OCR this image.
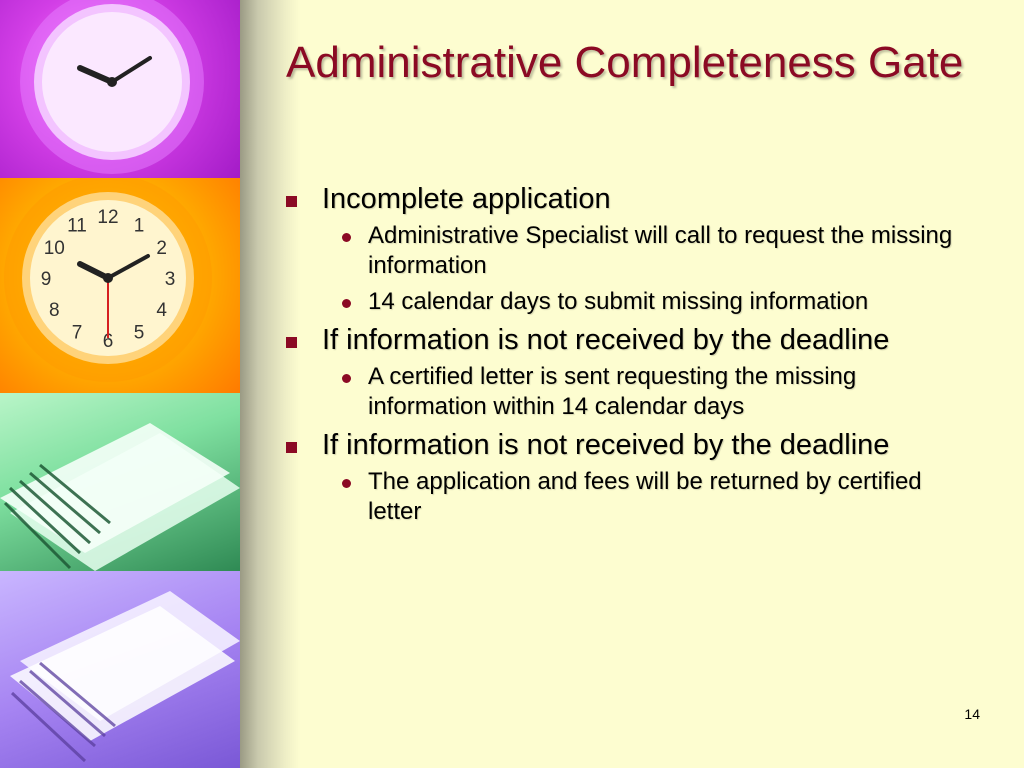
12 1
2
3
4
5
6
7
8
9
10
11
Administrative Completeness Gate
Incomplete application
Administrative Specialist will call to request the missing information
14 calendar days to submit missing information
If information is not received by the deadline
A certified letter is sent requesting the missing information within 14 calendar days
If information is not received by the deadline
The application and fees will be returned by certified letter
14
